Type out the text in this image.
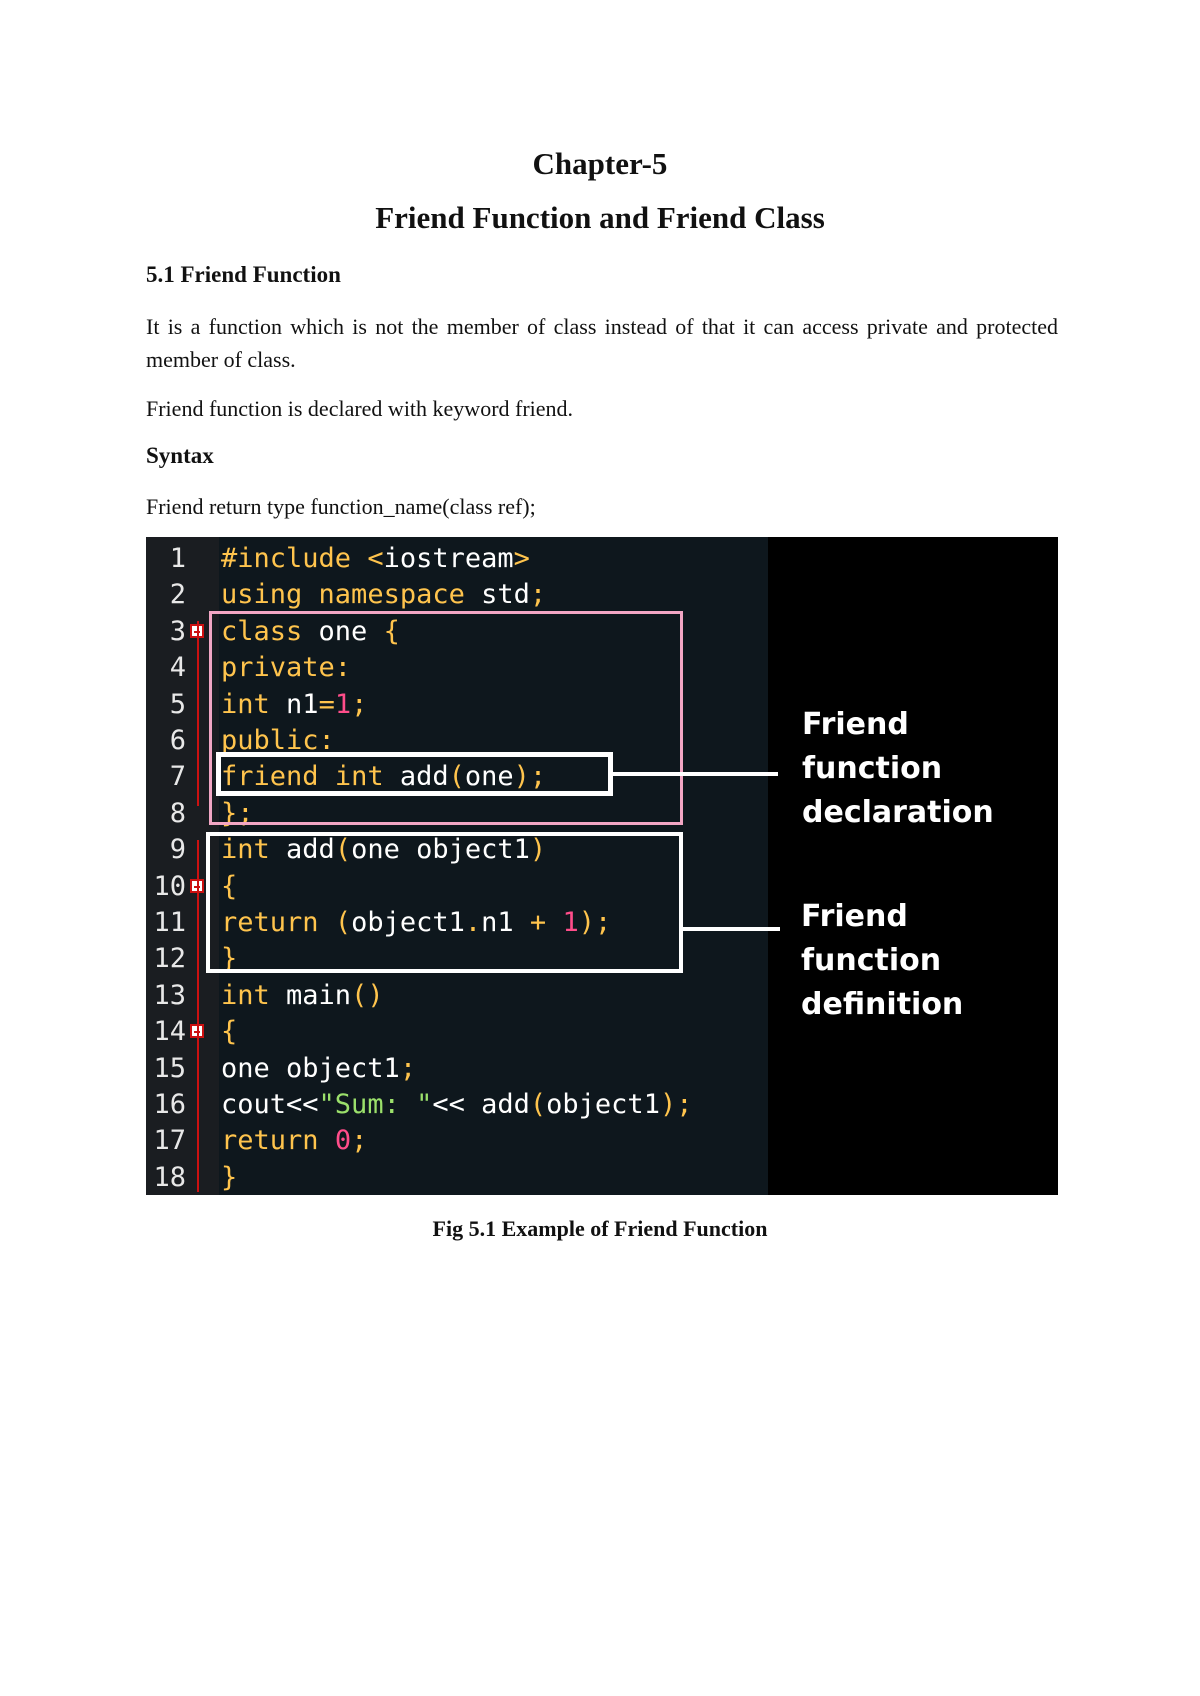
Chapter-5
Friend Function and Friend Class
5.1 Friend Function
It is a function which is not the member of class instead of that it can access private and protected member of class.
Friend function is declared with keyword friend.
Syntax
Friend return type function_name(class ref);
1 #include <iostream>
2 using namespace std;
3 class one {
4 private:
5 int n1=1;
6 public:
7 friend int add(one);
8 };
9 int add(one object1)
10 {
11 return (object1.n1 + 1);
12 }
13 int main()
14 {
15 one object1;
16 cout<<"Sum: "<< add(object1);
17 return 0;
18 }
Friend
function
declaration
Friend
function
definition
Fig 5.1 Example of Friend Function
